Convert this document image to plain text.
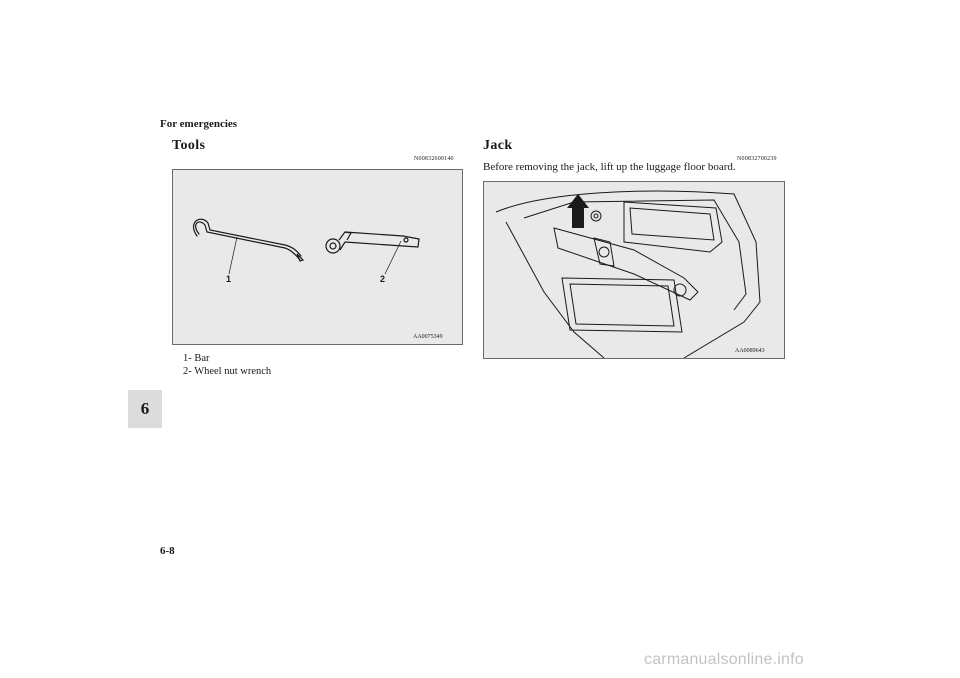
For emergencies
6
Tools
N00832600140
1	2
AA0075349
1- Bar
2- Wheel nut wrench
Jack
N00832700239
Before removing the jack, lift up the luggage floor board.
AA0089643
6-8
carmanualsonline.info
